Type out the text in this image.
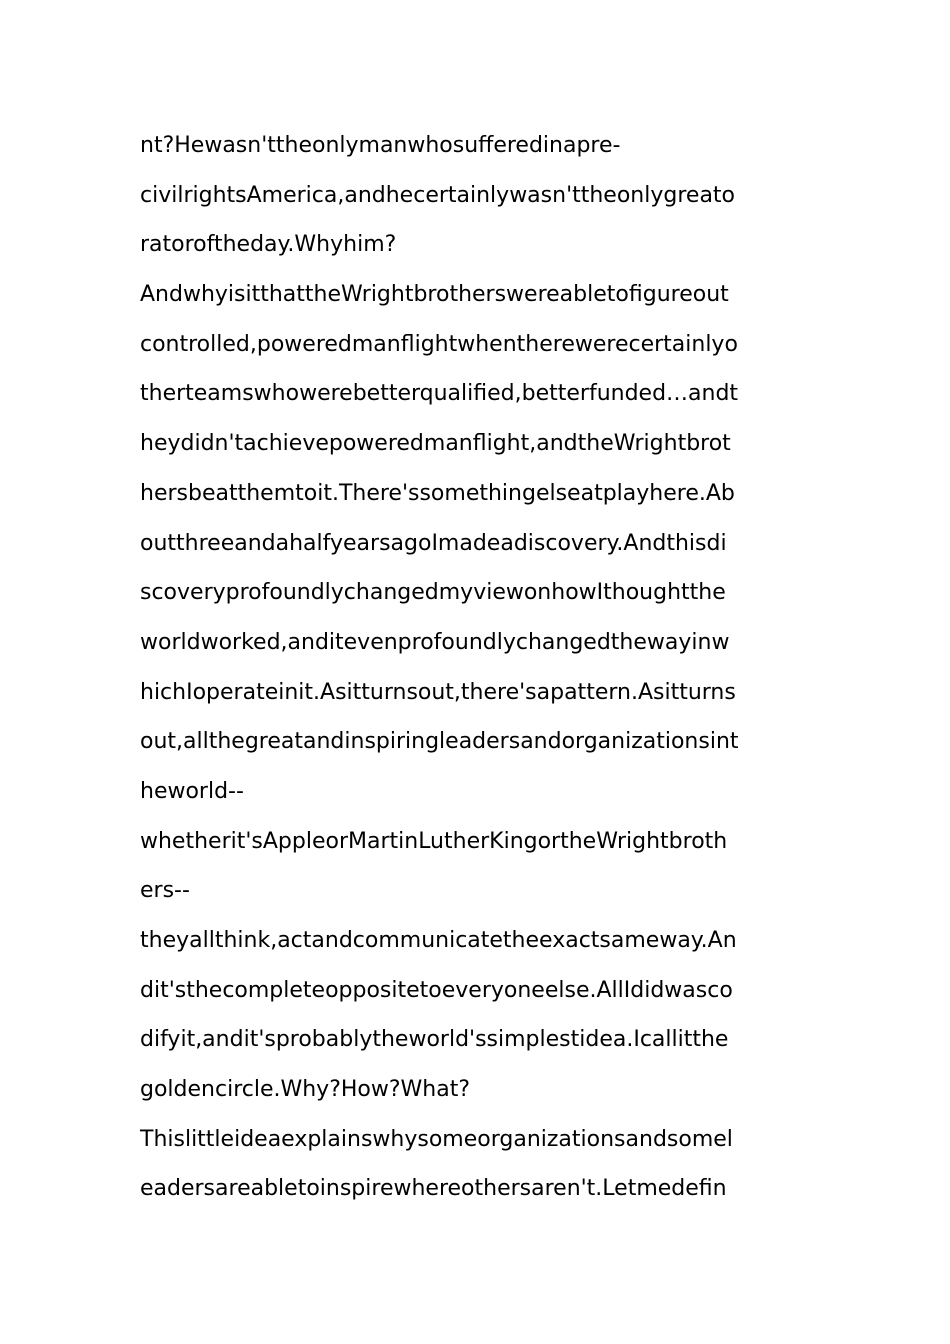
nt?Hewasn'ttheonlymanwhosufferedinapre-
civilrightsAmerica,andhecertainlywasn'ttheonlygreato
ratoroftheday.Whyhim?
AndwhyisitthattheWrightbrotherswereabletofigureout
controlled,poweredmanflightwhentherewerecertainlyo
therteamswhowerebetterqualified,betterfunded…andt
heydidn'tachievepoweredmanflight,andtheWrightbrot
hersbeatthemtoit.There'ssomethingelseatplayhere.Ab
outthreeandahalfyearsagoImadeadiscovery.Andthisdi
scoveryprofoundlychangedmyviewonhowIthoughtthe
worldworked,anditevenprofoundlychangedthewayinw
hichIoperateinit.Asitturnsout,there'sapattern.Asitturns
out,allthegreatandinspiringleadersandorganizationsint
heworld--
whetherit'sAppleorMartinLutherKingortheWrightbroth
ers--
theyallthink,actandcommunicatetheexactsameway.An
dit'sthecompleteoppositetoeveryoneelse.AllIdidwasco
difyit,andit'sprobablytheworld'ssimplestidea.Icallitthe
goldencircle.Why?How?What?
Thislittleideaexplainswhysomeorganizationsandsomel
eadersareabletoinspirewhereothersaren't.Letmedefin
